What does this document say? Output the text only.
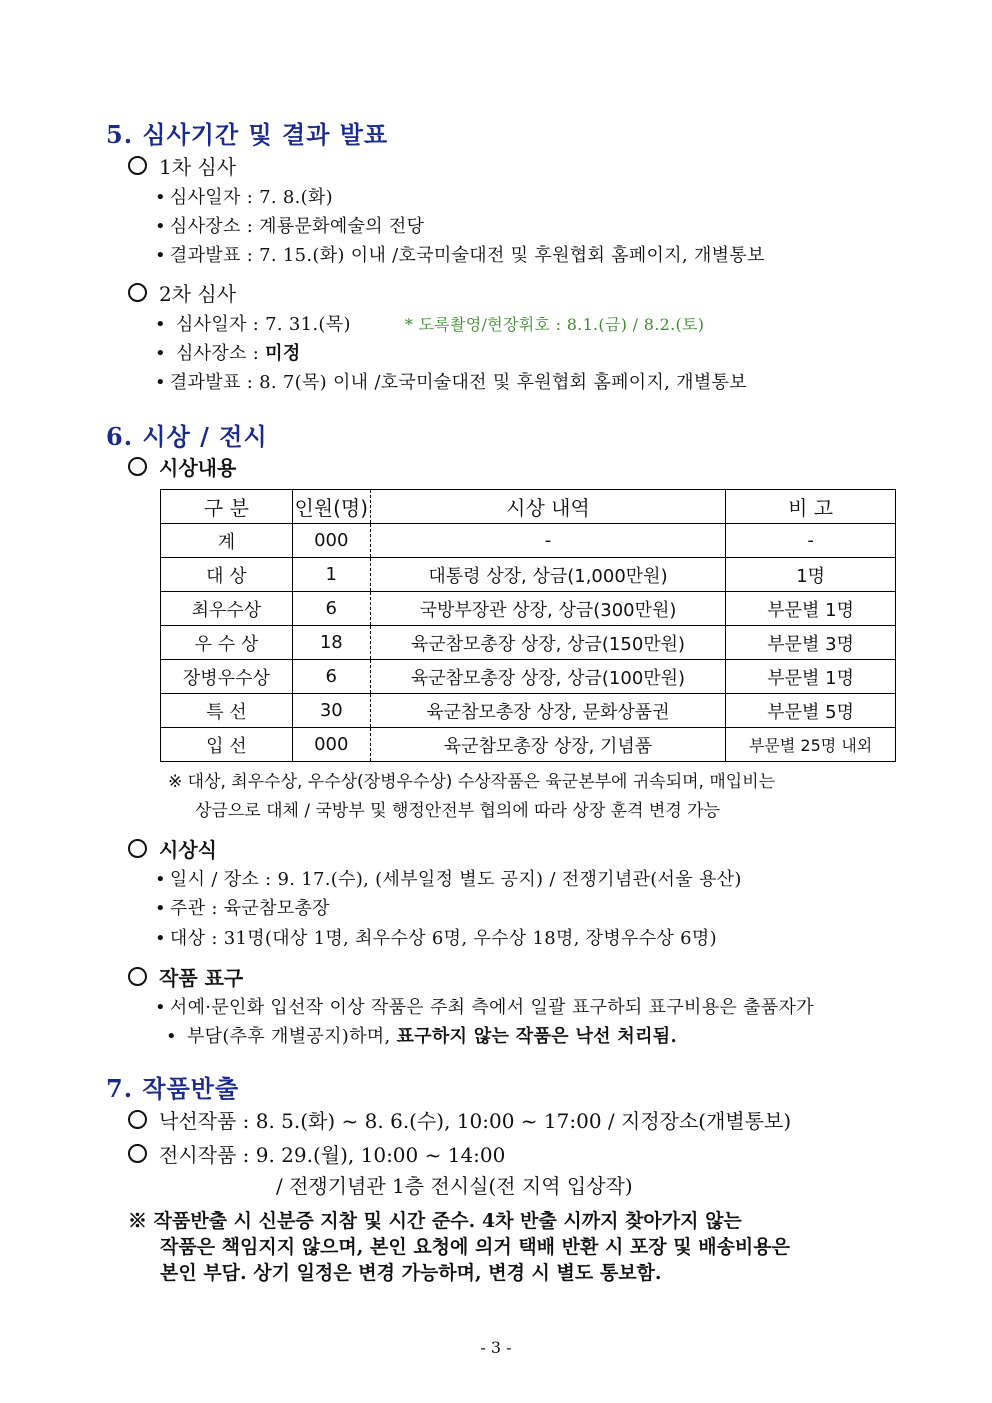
5. 심사기간 및 결과 발표
1차 심사
• 심사일자 : 7. 8.(화)
• 심사장소 : 계룡문화예술의 전당
• 결과발표 : 7. 15.(화) 이내 /호국미술대전 및 후원협회 홈페이지, 개별통보
2차 심사
• 심사일자 : 7. 31.(목)	* 도록촬영/현장휘호 : 8.1.(금) / 8.2.(토)
• 심사장소 : 미정
• 결과발표 : 8. 7(목) 이내 /호국미술대전 및 후원협회 홈페이지, 개별통보
6. 시상 / 전시
시상내용
구 분	인원(명)	시상 내역	비 고
계	000	-	-
대 상	1	대통령 상장, 상금(1,000만원)	1명
최우수상	6	국방부장관 상장, 상금(300만원)	부문별 1명
우 수 상	18	육군참모총장 상장, 상금(150만원)	부문별 3명
장병우수상	6	육군참모총장 상장, 상금(100만원)	부문별 1명
특 선	30	육군참모총장 상장, 문화상품권	부문별 5명
입 선	000	육군참모총장 상장, 기념품	부문별 25명 내외
※ 대상, 최우수상, 우수상(장병우수상) 수상작품은 육군본부에 귀속되며, 매입비는
상금으로 대체 / 국방부 및 행정안전부 협의에 따라 상장 훈격 변경 가능
시상식
• 일시 / 장소 : 9. 17.(수), (세부일정 별도 공지) / 전쟁기념관(서울 용산)
• 주관 : 육군참모총장
• 대상 : 31명(대상 1명, 최우수상 6명, 우수상 18명, 장병우수상 6명)
작품 표구
• 서예·문인화 입선작 이상 작품은 주최 측에서 일괄 표구하되 표구비용은 출품자가
• 부담(추후 개별공지)하며, 표구하지 않는 작품은 낙선 처리됨.
7. 작품반출
낙선작품 : 8. 5.(화) ~ 8. 6.(수), 10:00 ~ 17:00 / 지정장소(개별통보)
전시작품 : 9. 29.(월), 10:00 ~ 14:00
/ 전쟁기념관 1층 전시실(전 지역 입상작)
※ 작품반출 시 신분증 지참 및 시간 준수. 4차 반출 시까지 찾아가지 않는
작품은 책임지지 않으며, 본인 요청에 의거 택배 반환 시 포장 및 배송비용은
본인 부담. 상기 일정은 변경 가능하며, 변경 시 별도 통보함.
- 3 -
